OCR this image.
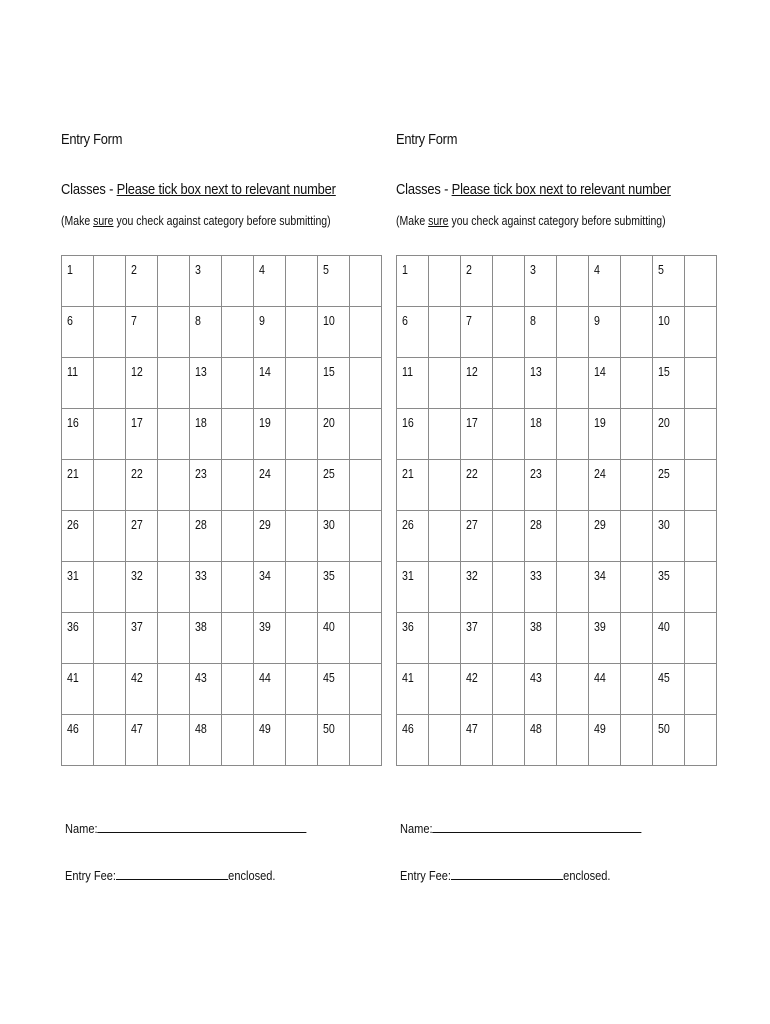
Entry Form
Classes - Please tick box next to relevant number
(Make sure you check against category before submitting)
1		2		3		4		5	

6		7		8		9		10	

11		12		13		14		15	

16		17		18		19		20	

21		22		23		24		25	

26		27		28		29		30	

31		32		33		34		35	

36		37		38		39		40	

41		42		43		44		45	

46		47		48		49		50	

Name:
Entry Fee:	enclosed.
Entry Form
Classes - Please tick box next to relevant number
(Make sure you check against category before submitting)
1		2		3		4		5	

6		7		8		9		10	

11		12		13		14		15	

16		17		18		19		20	

21		22		23		24		25	

26		27		28		29		30	

31		32		33		34		35	

36		37		38		39		40	

41		42		43		44		45	

46		47		48		49		50	

Name:
Entry Fee:	enclosed.
